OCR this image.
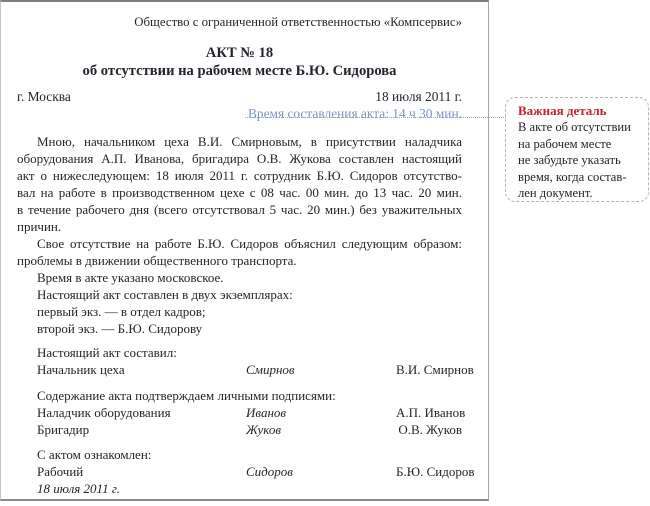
Общество с ограниченной ответственностью «Компсервис»
АКТ № 18
об отсутствии на рабочем месте Б.Ю. Сидорова
г. Москва	18 июля 2011 г.
Время составления акта: 14 ч 30 мин.
Мною, начальником цеха В.И. Смирновым, в присутствии наладчика
оборудования А.П. Иванова, бригадира О.В. Жукова составлен настоящий
акт о нижеследующем: 18 июля 2011 г. сотрудник Б.Ю. Сидоров отсутство-
вал на работе в производственном цехе с 08 час. 00 мин. до 13 час. 20 мин.
в течение рабочего дня (всего отсутствовал 5 час. 20 мин.) без уважительных
причин.
Свое отсутствие на работе Б.Ю. Сидоров объяснил следующим образом:
проблемы в движении общественного транспорта.
Время в акте указано московское.
Настоящий акт составлен в двух экземплярах:
первый экз. — в отдел кадров;
второй экз. — Б.Ю. Сидорову
Настоящий акт составил:
Начальник цеха	Смирнов	В.И. Смирнов
Содержание акта подтверждаем личными подписями:
Наладчик оборудования	Иванов	А.П. Иванов
Бригадир	Жуков	О.В. Жуков
С актом ознакомлен:
Рабочий	Сидоров	Б.Ю. Сидоров
18 июля 2011 г.
Важная деталь
В акте об отсутствии
на рабочем месте
не забудьте указать
время, когда состав-
лен документ.
